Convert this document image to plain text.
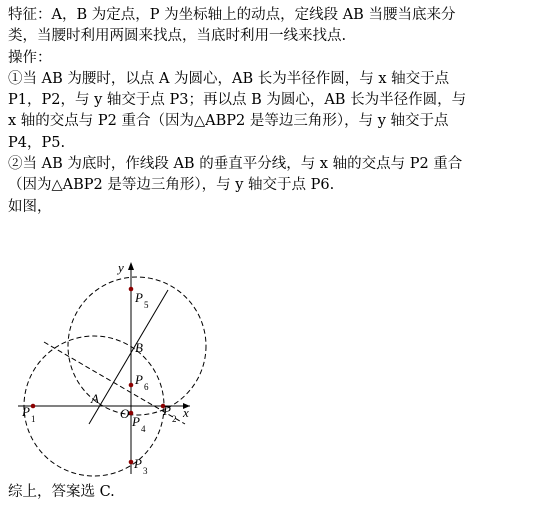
特征：A，B 为定点，P 为坐标轴上的动点，定线段 AB 当腰当底来分

类，当腰时利用两圆来找点，当底时利用一线来找点.

操作：

①当 AB 为腰时，以点 A 为圆心，AB 长为半径作圆，与 x 轴交于点

P1，P2，与 y 轴交于点 P3；再以点 B 为圆心，AB 长为半径作圆，与

x 轴的交点与 P2 重合（因为△ABP2 是等边三角形），与 y 轴交于点

P4，P5.

②当 AB 为底时，作线段 AB 的垂直平分线，与 x 轴的交点与 P2 重合

（因为△ABP2 是等边三角形），与 y 轴交于点 P6.

如图，

y
x
O
A
B
P 1
P
2
P 3
P 4
P 5
P 6

综上，答案选 C.
